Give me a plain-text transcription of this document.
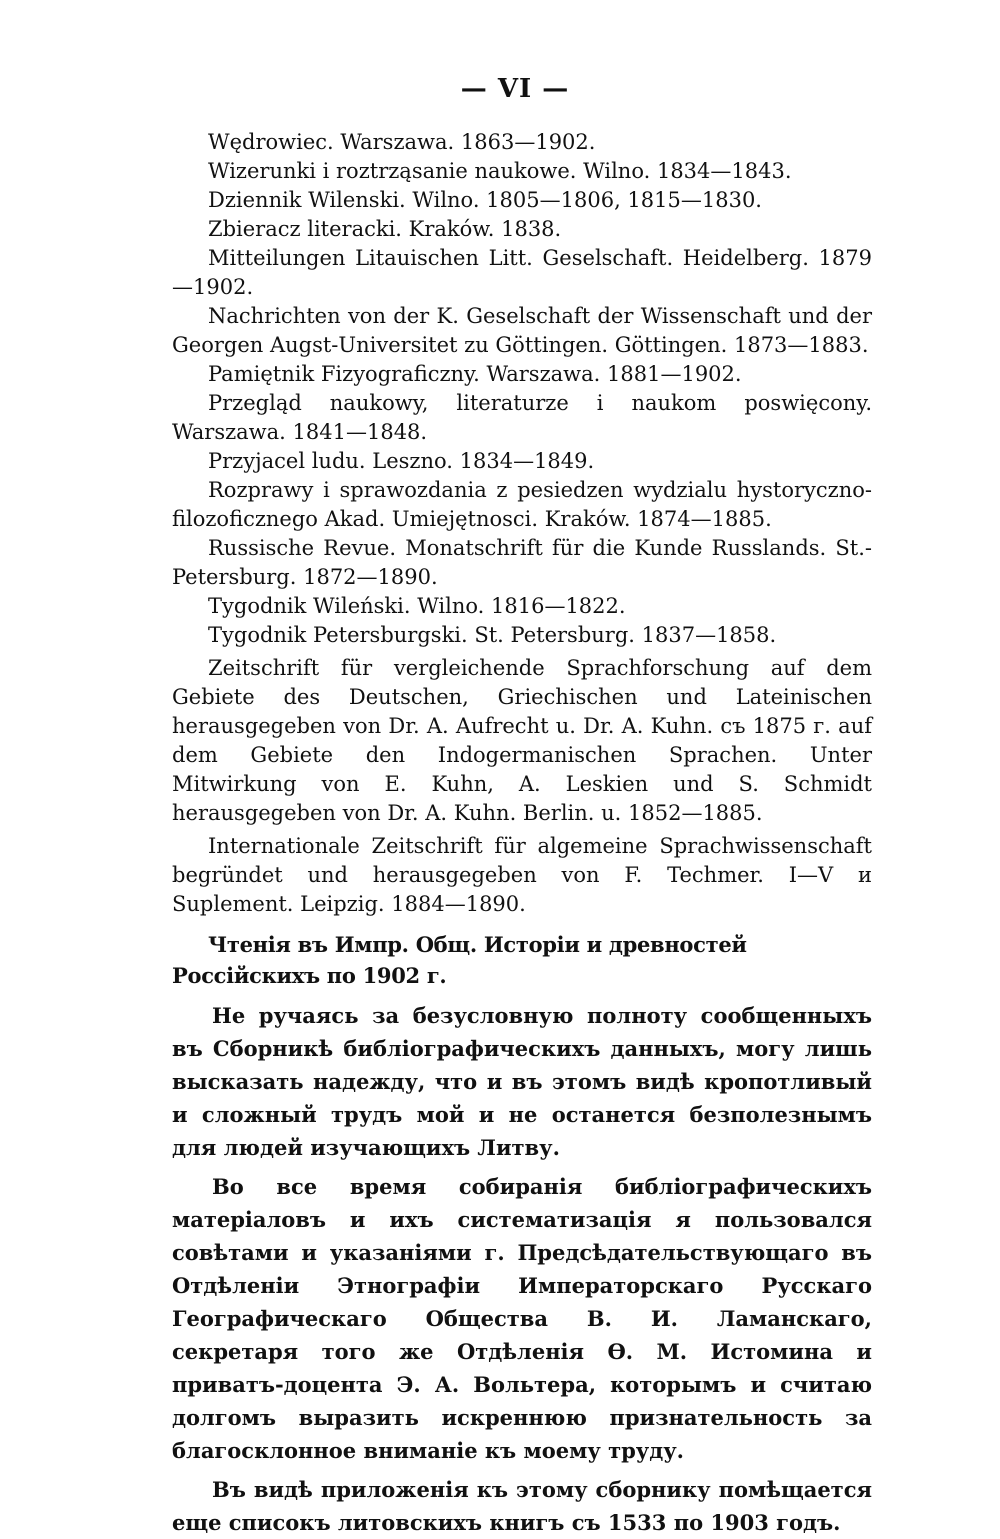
— VI —

Wędrowiec. Warszawa. 1863—1902.

Wizerunki i roztrząsanie naukowe. Wilno. 1834—1843.

Dziennik Wilenski. Wilno. 1805—1806, 1815—1830.

Zbieracz literacki. Kraków. 1838.

Mitteilungen Litauischen Litt. Geselschaft. Heidelberg. 1879—1902.

Nachrichten von der K. Geselschaft der Wissenschaft und der Georgen Augst-Universitet zu Göttingen. Göttingen. 1873—1883.

Pamiętnik Fizyograficzny. Warszawa. 1881—1902.

Przegląd naukowy, literaturze i naukom poswięcony. Warszawa. 1841—1848.

Przyjacel ludu. Leszno. 1834—1849.

Rozprawy i sprawozdania z pesiedzen wydzialu hystoryczno-filozoficznego Akad. Umiejętnosci. Kraków. 1874—1885.

Russische Revue. Monatschrift für die Kunde Russlands. St.-Petersburg. 1872—1890.

Tygodnik Wileński. Wilno. 1816—1822.

Tygodnik Petersburgski. St. Petersburg. 1837—1858.

Zeitschrift für vergleichende Sprachforschung auf dem Gebiete des Deutschen, Griechischen und Lateinischen herausgegeben von Dr. A. Aufrecht u. Dr. A. Kuhn. съ 1875 г. auf dem Gebiete den Indogermanischen Sprachen. Unter Mitwirkung von E. Kuhn, A. Leskien und S. Schmidt herausgegeben von Dr. A. Kuhn. Berlin. u. 1852—1885.

Internationale Zeitschrift für algemeine Sprachwissenschaft begründet und herausgegeben von F. Techmer. I—V и Suplement. Leipzig. 1884—1890.

Чтенія въ Импр. Общ. Исторіи и древностей Россійскихъ по 1902 г.

Не ручаясь за безусловную полноту сообщенныхъ въ Сборникѣ библіографическихъ данныхъ, могу лишь высказать надежду, что и въ этомъ видѣ кропотливый и сложный трудъ мой и не останется безполезнымъ для людей изучающихъ Литву.

Во все время собиранія библіографическихъ матеріаловъ и ихъ систематизація я пользовался совѣтами и указаніями г. Предсѣдательствующаго въ Отдѣленіи Этнографіи Императорскаго Русскаго Географическаго Общества В. И. Ламанскаго, секретаря того же Отдѣленія Ѳ. М. Истомина и приватъ-доцента Э. А. Вольтера, которымъ и считаю долгомъ выразить искреннюю признательность за благосклонное вниманіе къ моему труду.

Въ видѣ приложенія къ этому сборнику помѣщается еще списокъ литовскихъ книгъ съ 1533 по 1903 годъ.
